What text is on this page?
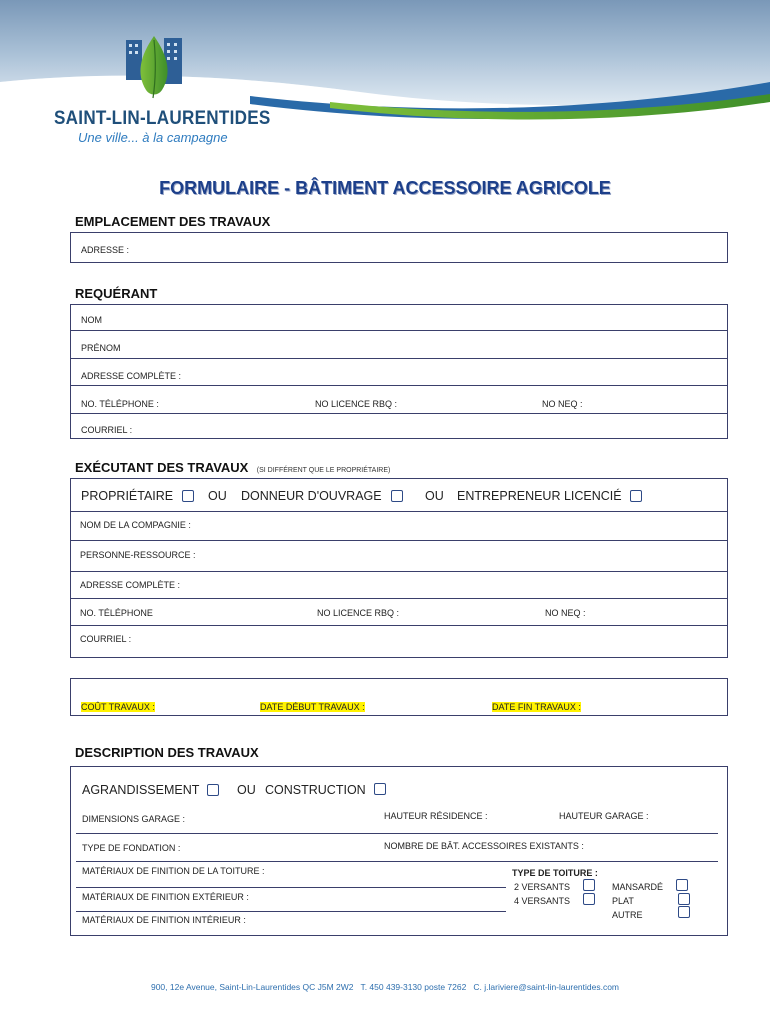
SAINT-LIN-LAURENTIDES
Une ville... à la campagne
FORMULAIRE - BÂTIMENT ACCESSOIRE AGRICOLE
EMPLACEMENT DES TRAVAUX
ADRESSE :
REQUÉRANT
NOM
PRÉNOM
ADRESSE COMPLÈTE :
NO. TÉLÉPHONE :	NO LICENCE RBQ :	NO NEQ :
COURRIEL :
EXÉCUTANT DES TRAVAUX (SI DIFFÉRENT QUE LE PROPRIÉTAIRE)
PROPRIÉTAIRE	OU DONNEUR D'OUVRAGE	OU ENTREPRENEUR LICENCIÉ
NOM DE LA COMPAGNIE :
PERSONNE-RESSOURCE :
ADRESSE COMPLÈTE :
NO. TÉLÉPHONE	NO LICENCE RBQ :	NO NEQ :
COURRIEL :
COÛT TRAVAUX :	DATE DÉBUT TRAVAUX :	DATE FIN TRAVAUX :
DESCRIPTION DES TRAVAUX
AGRANDISSEMENT	OU CONSTRUCTION
DIMENSIONS GARAGE :	HAUTEUR RÉSIDENCE :	HAUTEUR GARAGE :
TYPE DE FONDATION :	NOMBRE DE BÂT. ACCESSOIRES EXISTANTS :
MATÉRIAUX DE FINITION DE LA TOITURE :
MATÉRIAUX DE FINITION EXTÉRIEUR :
MATÉRIAUX DE FINITION INTÉRIEUR :
TYPE DE TOITURE :
2 VERSANTS
4 VERSANTS
MANSARDÉ
PLAT
AUTRE
900, 12e Avenue, Saint-Lin-Laurentides QC J5M 2W2   T. 450 439-3130 poste 7262   C. j.lariviere@saint-lin-laurentides.com
